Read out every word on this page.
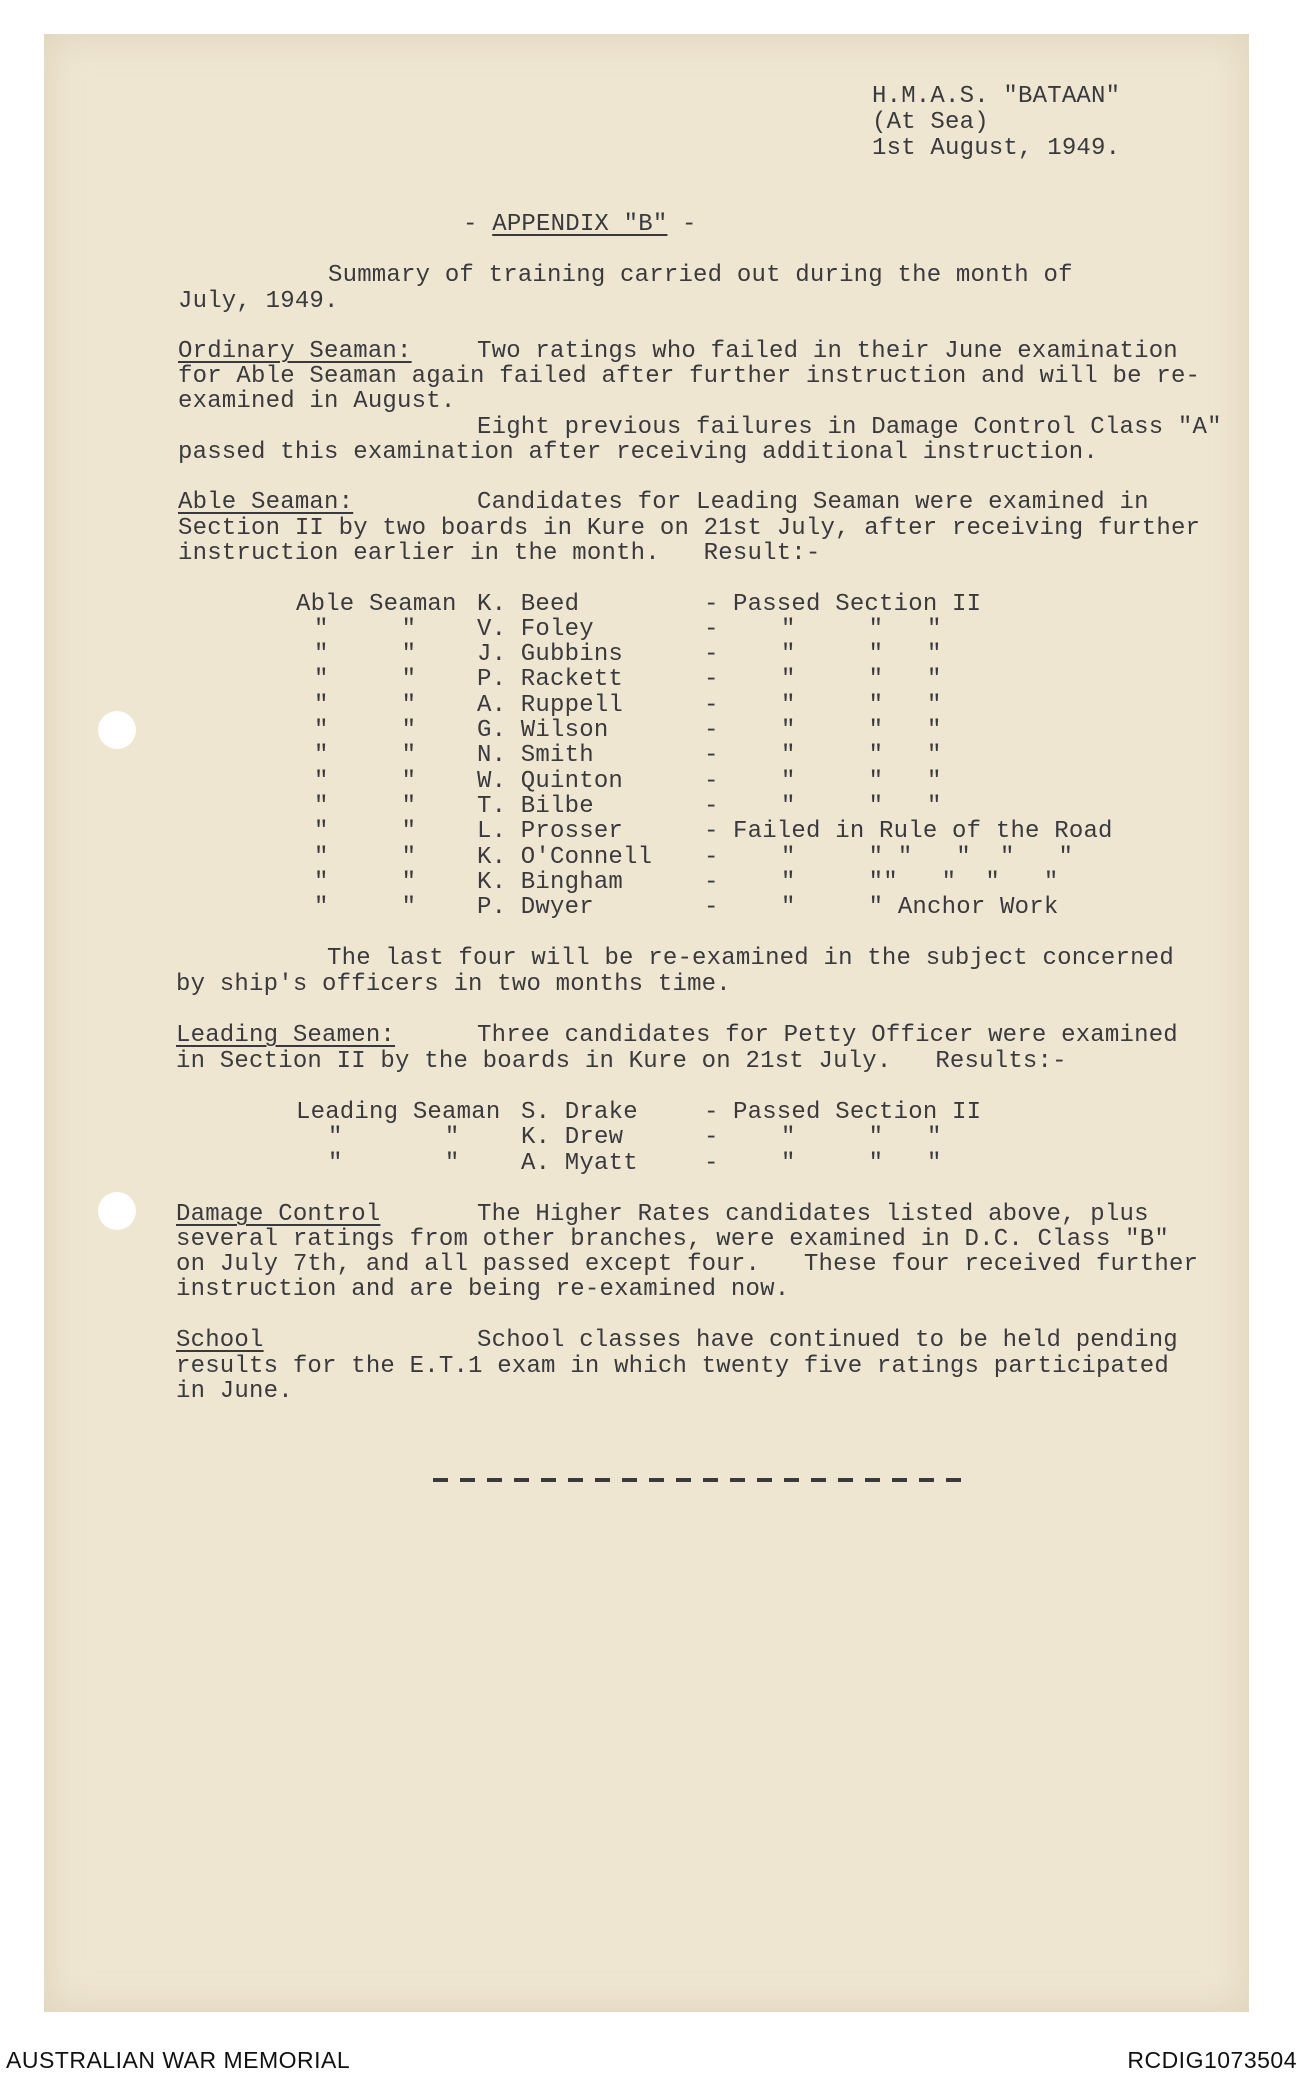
H.M.A.S. "BATAAN"
(At Sea)
1st August, 1949.
- APPENDIX "B" -
Summary of training carried out during the month of
July, 1949.
Ordinary Seaman:	Two ratings who failed in their June examination
for Able Seaman again failed after further instruction and will be re-
examined in August.
Eight previous failures in Damage Control Class "A"
passed this examination after receiving additional instruction.
Able Seaman:	Candidates for Leading Seaman were examined in
Section II by two boards in Kure on 21st July, after receiving further
instruction earlier in the month.   Result:-
Able Seaman K. Beed	- Passed Section II
"     "	V. Foley	-	"     "   "
"     "	J. Gubbins	-	"     "   "
"     "	P. Rackett	-	"     "   "
"     "	A. Ruppell	-	"     "   "
"     "	G. Wilson	-	"     "   "
"     "	N. Smith	-	"     "   "
"     "	W. Quinton	-	"     "   "
"     "	T. Bilbe	-	"     "   "
"     "	L. Prosser	- Failed in Rule of the Road
"     "	K. O'Connell -	"     " "   "  "   "
"     "	K. Bingham	-	"     ""   "  "   "
"     "	P. Dwyer	-	"     " Anchor Work
The last four will be re-examined in the subject concerned
by ship's officers in two months time.
Leading Seamen:	Three candidates for Petty Officer were examined
in Section II by the boards in Kure on 21st July.   Results:-
Leading Seaman S. Drake	- Passed Section II
"       "	K. Drew	-	"     "   "
"       "	A. Myatt	-	"     "   "
Damage Control	The Higher Rates candidates listed above, plus
several ratings from other branches, were examined in D.C. Class "B"
on July 7th, and all passed except four.   These four received further
instruction and are being re-examined now.
School	School classes have continued to be held pending
results for the E.T.1 exam in which twenty five ratings participated
in June.
AUSTRALIAN WAR MEMORIAL	RCDIG1073504
